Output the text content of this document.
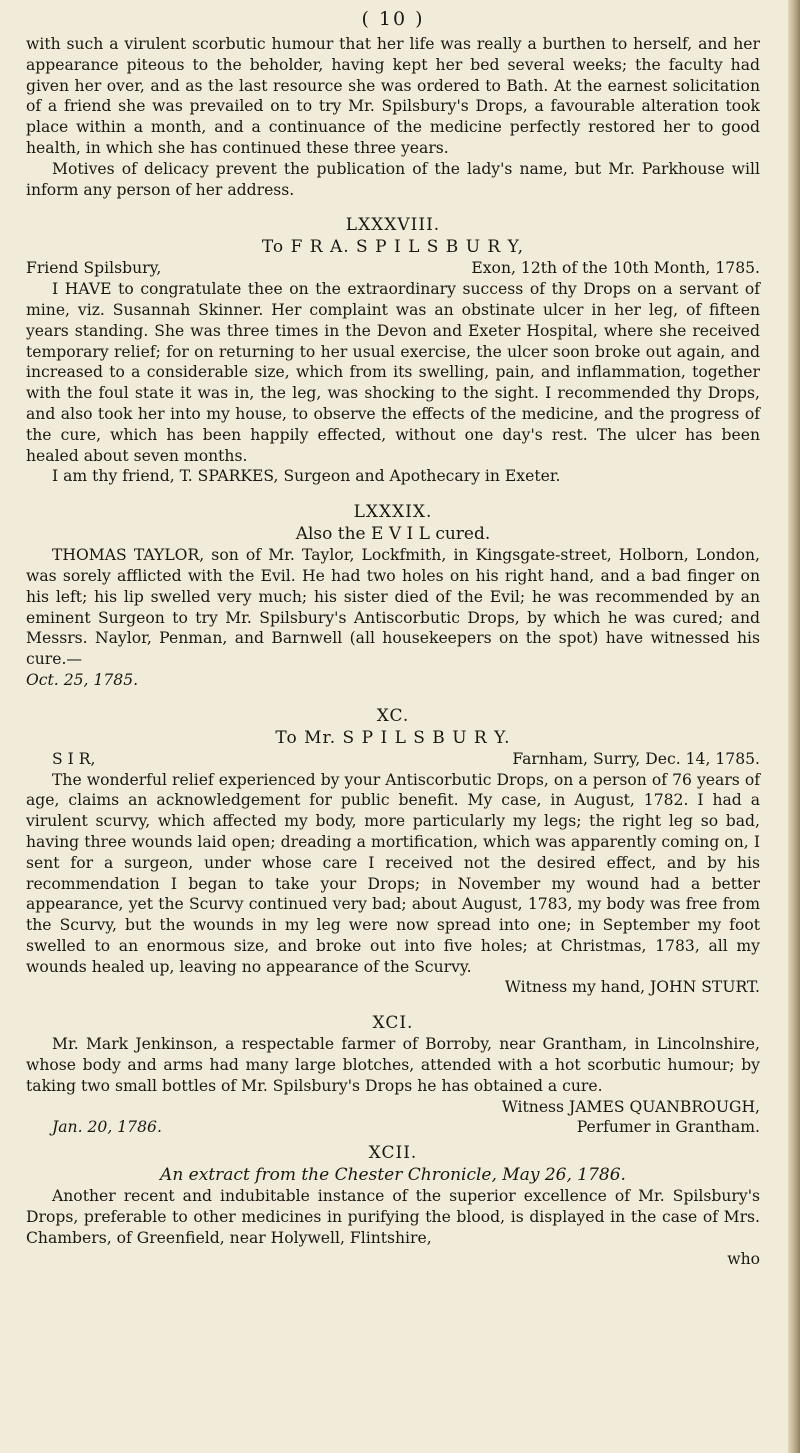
( 10 )

with such a virulent scorbutic humour that her life was really a burthen to herself, and her appearance piteous to the beholder, having kept her bed several weeks; the faculty had given her over, and as the last resource she was ordered to Bath. At the earnest solicitation of a friend she was prevailed on to try Mr. Spilsbury's Drops, a favourable alteration took place within a month, and a continuance of the medicine perfectly restored her to good health, in which she has continued these three years.

Motives of delicacy prevent the publication of the lady's name, but Mr. Parkhouse will inform any person of her address.

LXXXVIII.
To F R A. S P I L S B U R Y,
Friend Spilsbury,	Exon, 12th of the 10th Month, 1785.

I HAVE to congratulate thee on the extraordinary success of thy Drops on a servant of mine, viz. Susannah Skinner. Her complaint was an obstinate ulcer in her leg, of fifteen years standing. She was three times in the Devon and Exeter Hospital, where she received temporary relief; for on returning to her usual exercise, the ulcer soon broke out again, and increased to a considerable size, which from its swelling, pain, and inflammation, together with the foul state it was in, the leg, was shocking to the sight. I recommended thy Drops, and also took her into my house, to observe the effects of the medicine, and the progress of the cure, which has been happily effected, without one day's rest. The ulcer has been healed about seven months.

I am thy friend, T. SPARKES, Surgeon and Apothecary in Exeter.
LXXXIX.
Also the E V I L cured.

THOMAS TAYLOR, son of Mr. Taylor, Lockfmith, in Kingsgate-street, Holborn, London, was sorely afflicted with the Evil. He had two holes on his right hand, and a bad finger on his left; his lip swelled very much; his sister died of the Evil; he was recommended by an eminent Surgeon to try Mr. Spilsbury's Antiscorbutic Drops, by which he was cured; and Messrs. Naylor, Penman, and Barnwell (all housekeepers on the spot) have witnessed his cure.—

Oct. 25, 1785.
XC.
To Mr. S P I L S B U R Y.
S I R,	Farnham, Surry, Dec. 14, 1785.

The wonderful relief experienced by your Antiscorbutic Drops, on a person of 76 years of age, claims an acknowledgement for public benefit. My case, in August, 1782. I had a virulent scurvy, which affected my body, more particularly my legs; the right leg so bad, having three wounds laid open; dreading a mortification, which was apparently coming on, I sent for a surgeon, under whose care I received not the desired effect, and by his recommendation I began to take your Drops; in November my wound had a better appearance, yet the Scurvy continued very bad; about August, 1783, my body was free from the Scurvy, but the wounds in my leg were now spread into one; in September my foot swelled to an enormous size, and broke out into five holes; at Christmas, 1783, all my wounds healed up, leaving no appearance of the Scurvy.

Witness my hand, JOHN STURT.
XCI.

Mr. Mark Jenkinson, a respectable farmer of Borroby, near Grantham, in Lincolnshire, whose body and arms had many large blotches, attended with a hot scorbutic humour; by taking two small bottles of Mr. Spilsbury's Drops he has obtained a cure.

Witness JAMES QUANBROUGH,
Jan. 20, 1786.	Perfumer in Grantham.
XCII.
An extract from the Chester Chronicle, May 26, 1786.

Another recent and indubitable instance of the superior excellence of Mr. Spilsbury's Drops, preferable to other medicines in purifying the blood, is displayed in the case of Mrs. Chambers, of Greenfield, near Holywell, Flintshire,

who
